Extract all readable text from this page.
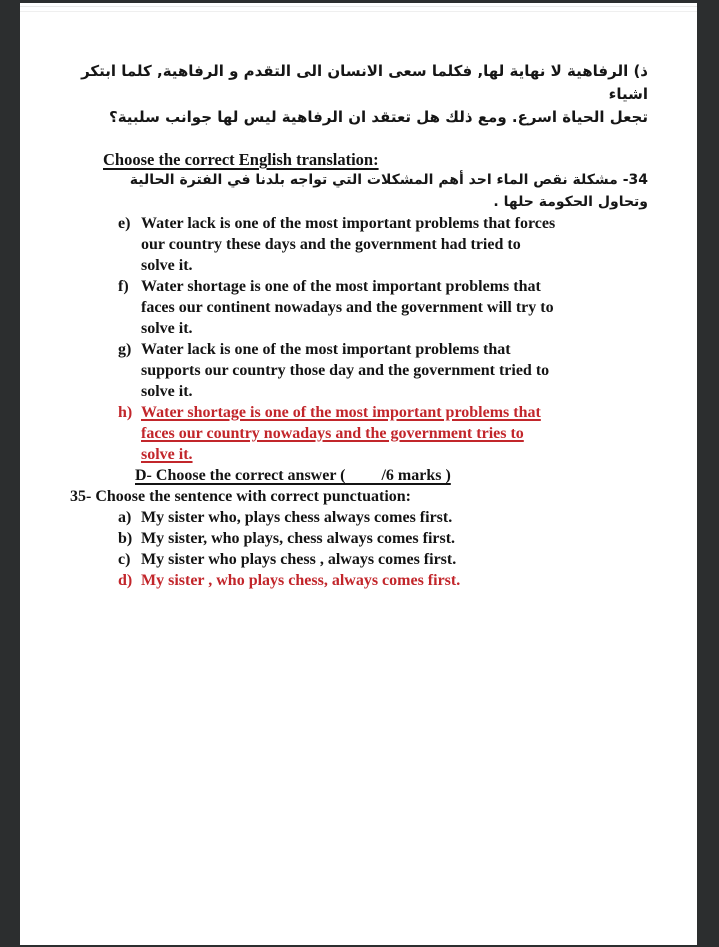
ذ) الرفاهية لا نهاية لها, فكلما سعى الانسان الى التقدم و الرفاهية, كلما ابتكر اشياء
تجعل الحياة اسرع. ومع ذلك هل تعتقد ان الرفاهية ليس لها جوانب سلبية؟
Choose the correct English translation:
34- مشكلة نقص الماء احد أهم المشكلات التي تواجه بلدنا في الفترة الحالية
وتحاول الحكومة حلها .
e) Water lack is one of the most important problems that forces
our country these days and the government had tried to
solve it.
f) Water shortage is one of the most important problems that
faces our continent nowadays and the government will try to
solve it.
g) Water lack is one of the most important problems that
supports our country those day and the government tried to
solve it.
h) Water shortage is one of the most important problems that
faces our country nowadays and the government tries to
solve it.
D- Choose the correct answer (         /6 marks )
35- Choose the sentence with correct punctuation:
a) My sister who, plays chess always comes first.
b) My sister, who plays, chess always comes first.
c) My sister who plays chess , always comes first.
d) My sister , who plays chess, always comes first.
